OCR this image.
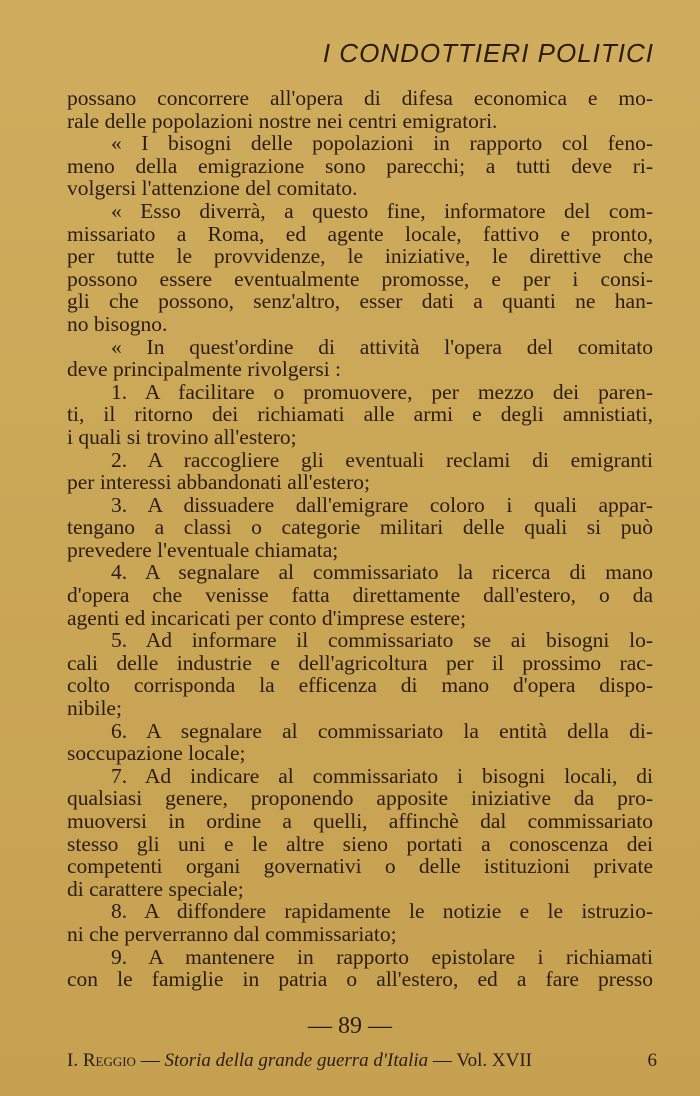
I CONDOTTIERI POLITICI
possano concorrere all'opera di difesa economica e mo-
rale delle popolazioni nostre nei centri emigratori.
« I bisogni delle popolazioni in rapporto col feno-
meno della emigrazione sono parecchi; a tutti deve ri-
volgersi l'attenzione del comitato.
« Esso diverrà, a questo fine, informatore del com-
missariato a Roma, ed agente locale, fattivo e pronto,
per tutte le provvidenze, le iniziative, le direttive che
possono essere eventualmente promosse, e per i consi-
gli che possono, senz'altro, esser dati a quanti ne han-
no bisogno.
« In quest'ordine di attività l'opera del comitato
deve principalmente rivolgersi :
1. A facilitare o promuovere, per mezzo dei paren-
ti, il ritorno dei richiamati alle armi e degli amnistiati,
i quali si trovino all'estero;
2. A raccogliere gli eventuali reclami di emigranti
per interessi abbandonati all'estero;
3. A dissuadere dall'emigrare coloro i quali appar-
tengano a classi o categorie militari delle quali si può
prevedere l'eventuale chiamata;
4. A segnalare al commissariato la ricerca di mano
d'opera che venisse fatta direttamente dall'estero, o da
agenti ed incaricati per conto d'imprese estere;
5. Ad informare il commissariato se ai bisogni lo-
cali delle industrie e dell'agricoltura per il prossimo rac-
colto corrisponda la efficenza di mano d'opera dispo-
nibile;
6. A segnalare al commissariato la entità della di-
soccupazione locale;
7. Ad indicare al commissariato i bisogni locali, di
qualsiasi genere, proponendo apposite iniziative da pro-
muoversi in ordine a quelli, affinchè dal commissariato
stesso gli uni e le altre sieno portati a conoscenza dei
competenti organi governativi o delle istituzioni private
di carattere speciale;
8. A diffondere rapidamente le notizie e le istruzio-
ni che perverranno dal commissariato;
9. A mantenere in rapporto epistolare i richiamati
con le famiglie in patria o all'estero, ed a fare presso
— 89 —
I. Reggio — Storia della grande guerra d'Italia — Vol. XVII	6
